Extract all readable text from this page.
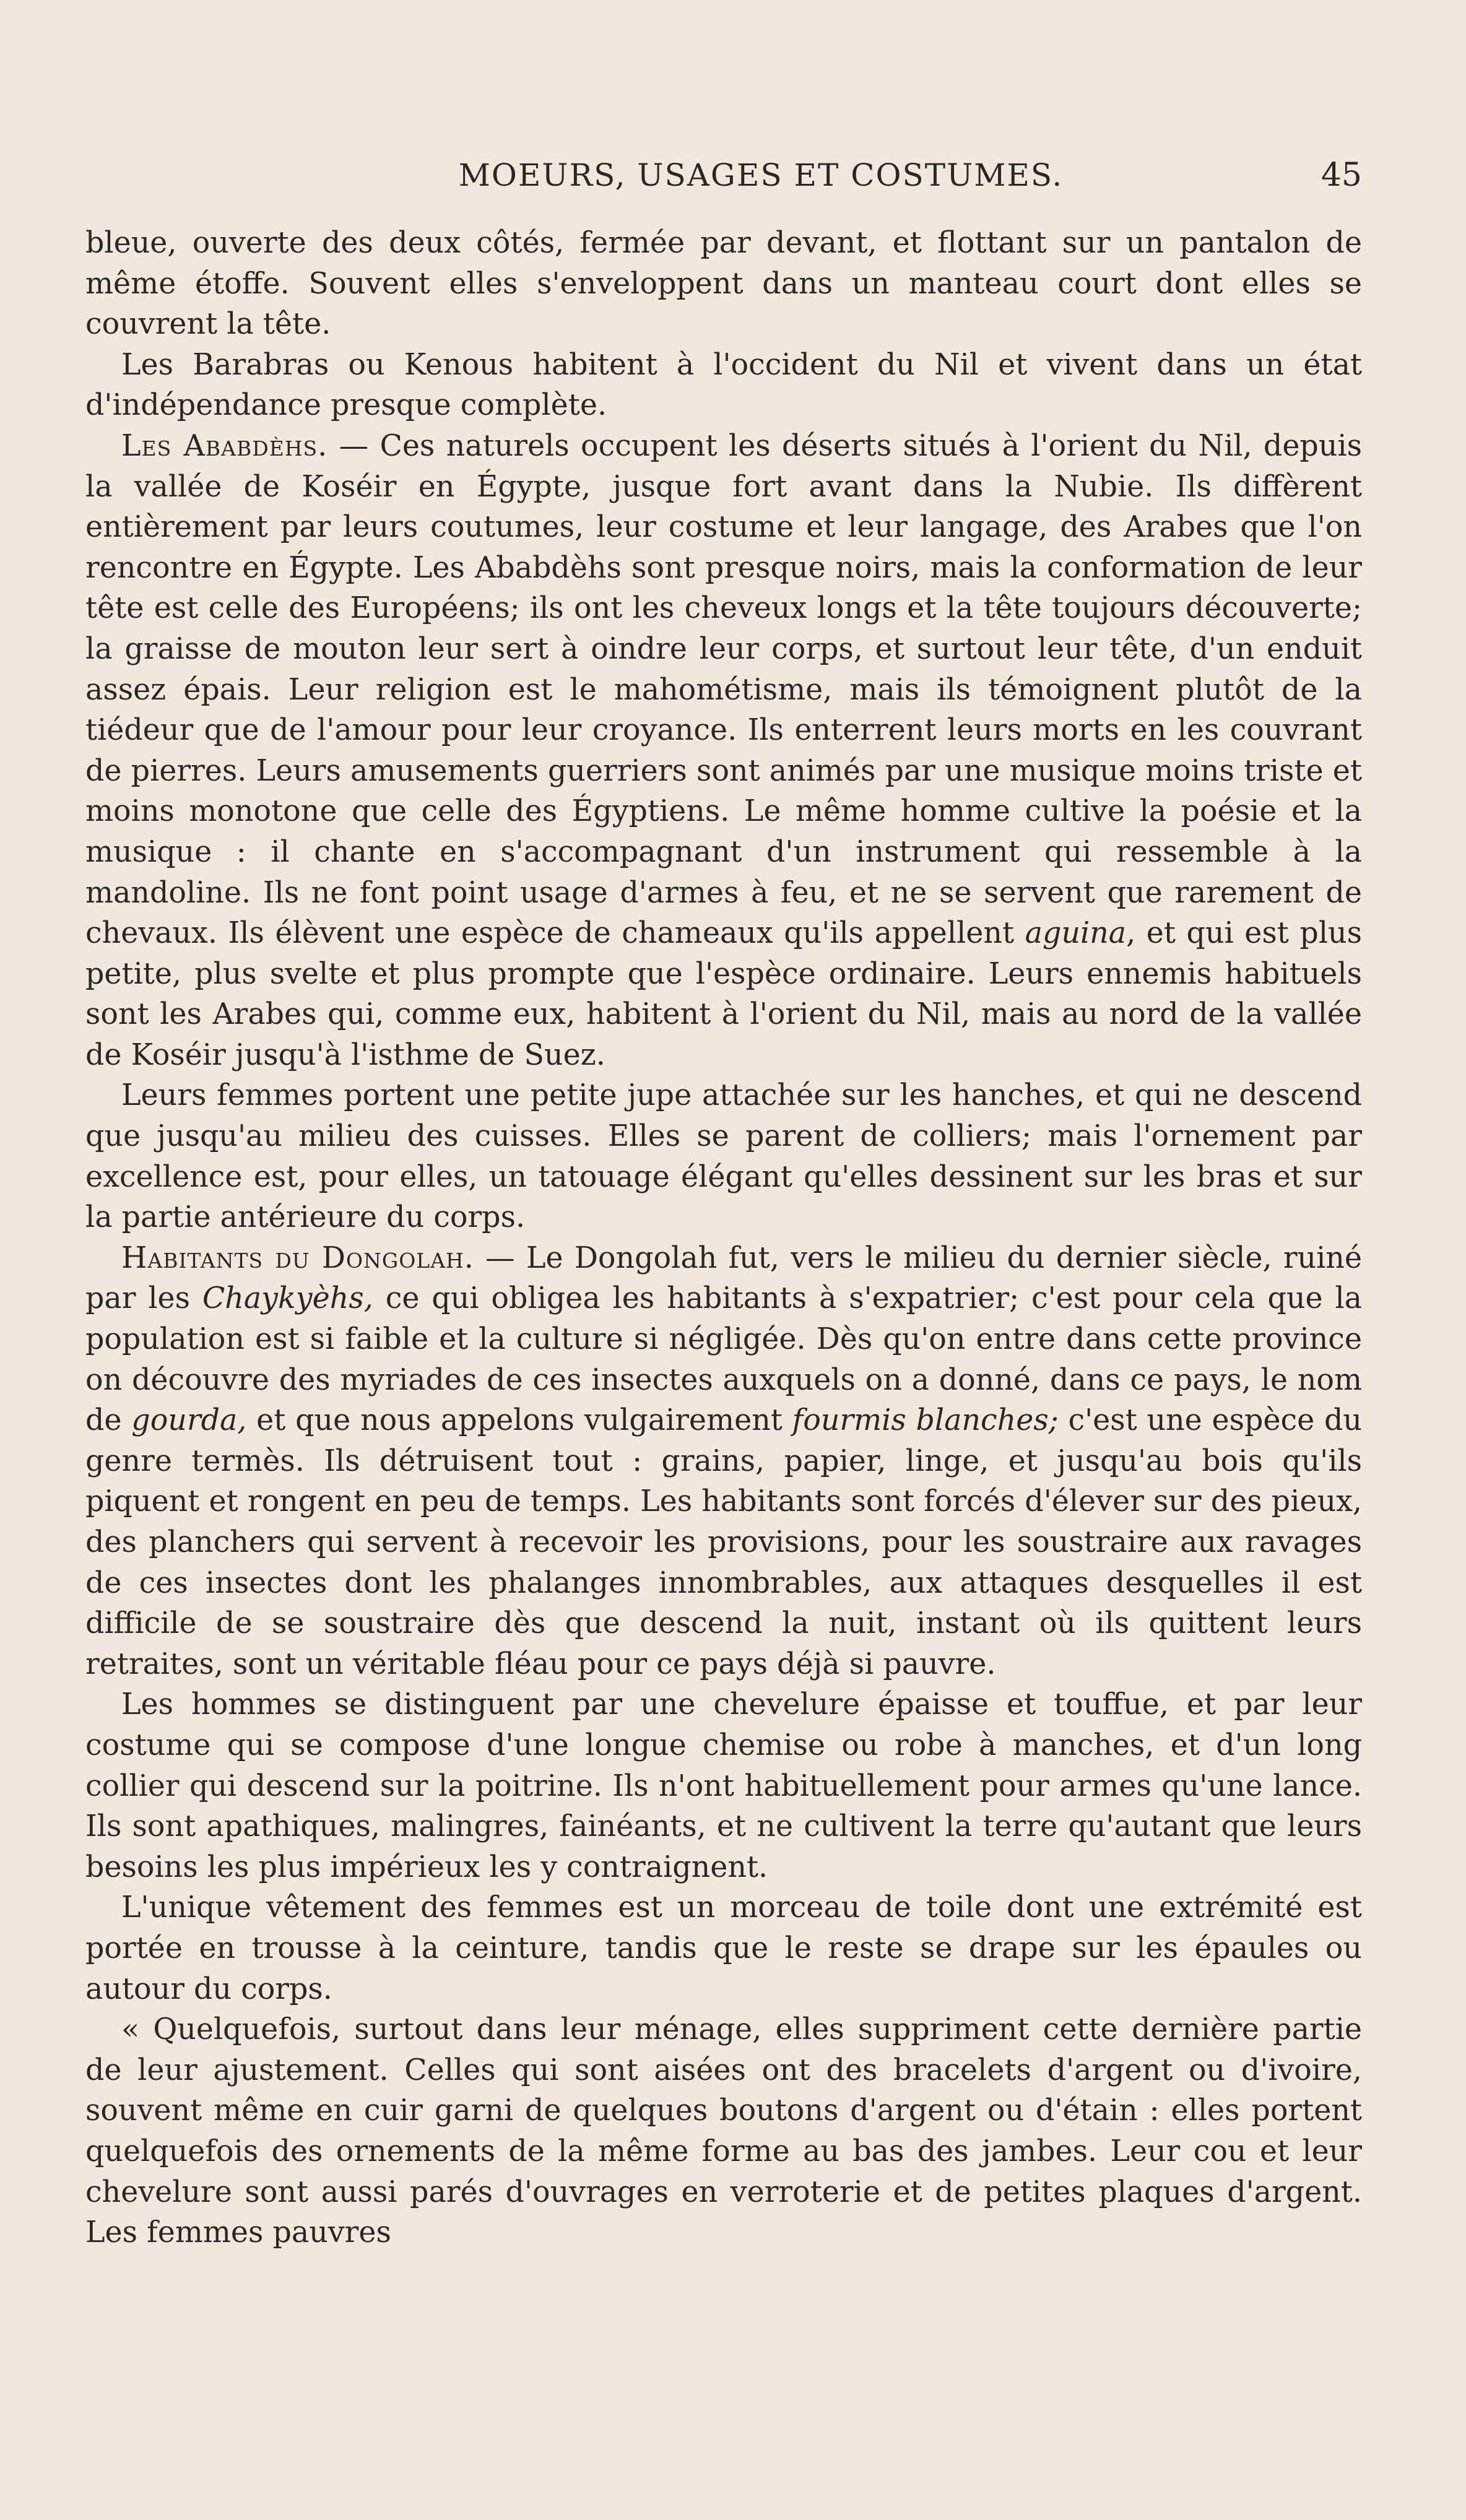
MOEURS, USAGES ET COSTUMES.	45

bleue, ouverte des deux côtés, fermée par devant, et flottant sur un pantalon de même étoffe. Souvent elles s'enveloppent dans un manteau court dont elles se couvrent la tête.

Les Barabras ou Kenous habitent à l'occident du Nil et vivent dans un état d'indépendance presque complète.

Les Ababdèhs. — Ces naturels occupent les déserts situés à l'orient du Nil, depuis la vallée de Koséir en Égypte, jusque fort avant dans la Nubie. Ils diffèrent entièrement par leurs coutumes, leur costume et leur langage, des Arabes que l'on rencontre en Égypte. Les Ababdèhs sont presque noirs, mais la conformation de leur tête est celle des Européens; ils ont les cheveux longs et la tête toujours découverte; la graisse de mouton leur sert à oindre leur corps, et surtout leur tête, d'un enduit assez épais. Leur religion est le mahométisme, mais ils témoignent plutôt de la tiédeur que de l'amour pour leur croyance. Ils enterrent leurs morts en les couvrant de pierres. Leurs amusements guerriers sont animés par une musique moins triste et moins monotone que celle des Égyptiens. Le même homme cultive la poésie et la musique : il chante en s'accompagnant d'un instrument qui ressemble à la mandoline. Ils ne font point usage d'armes à feu, et ne se servent que rarement de chevaux. Ils élèvent une espèce de chameaux qu'ils appellent aguina, et qui est plus petite, plus svelte et plus prompte que l'espèce ordinaire. Leurs ennemis habituels sont les Arabes qui, comme eux, habitent à l'orient du Nil, mais au nord de la vallée de Koséir jusqu'à l'isthme de Suez.

Leurs femmes portent une petite jupe attachée sur les hanches, et qui ne descend que jusqu'au milieu des cuisses. Elles se parent de colliers; mais l'ornement par excellence est, pour elles, un tatouage élégant qu'elles dessinent sur les bras et sur la partie antérieure du corps.

Habitants du Dongolah. — Le Dongolah fut, vers le milieu du dernier siècle, ruiné par les Chaykyèhs, ce qui obligea les habitants à s'expatrier; c'est pour cela que la population est si faible et la culture si négligée. Dès qu'on entre dans cette province on découvre des myriades de ces insectes auxquels on a donné, dans ce pays, le nom de gourda, et que nous appelons vulgairement fourmis blanches; c'est une espèce du genre termès. Ils détruisent tout : grains, papier, linge, et jusqu'au bois qu'ils piquent et rongent en peu de temps. Les habitants sont forcés d'élever sur des pieux, des planchers qui servent à recevoir les provisions, pour les soustraire aux ravages de ces insectes dont les phalanges innombrables, aux attaques desquelles il est difficile de se soustraire dès que descend la nuit, instant où ils quittent leurs retraites, sont un véritable fléau pour ce pays déjà si pauvre.

Les hommes se distinguent par une chevelure épaisse et touffue, et par leur costume qui se compose d'une longue chemise ou robe à manches, et d'un long collier qui descend sur la poitrine. Ils n'ont habituellement pour armes qu'une lance. Ils sont apathiques, malingres, fainéants, et ne cultivent la terre qu'autant que leurs besoins les plus impérieux les y contraignent.

L'unique vêtement des femmes est un morceau de toile dont une extrémité est portée en trousse à la ceinture, tandis que le reste se drape sur les épaules ou autour du corps.

« Quelquefois, surtout dans leur ménage, elles suppriment cette dernière partie de leur ajustement. Celles qui sont aisées ont des bracelets d'argent ou d'ivoire, souvent même en cuir garni de quelques boutons d'argent ou d'étain : elles portent quelquefois des ornements de la même forme au bas des jambes. Leur cou et leur chevelure sont aussi parés d'ouvrages en verroterie et de petites plaques d'argent. Les femmes pauvres
